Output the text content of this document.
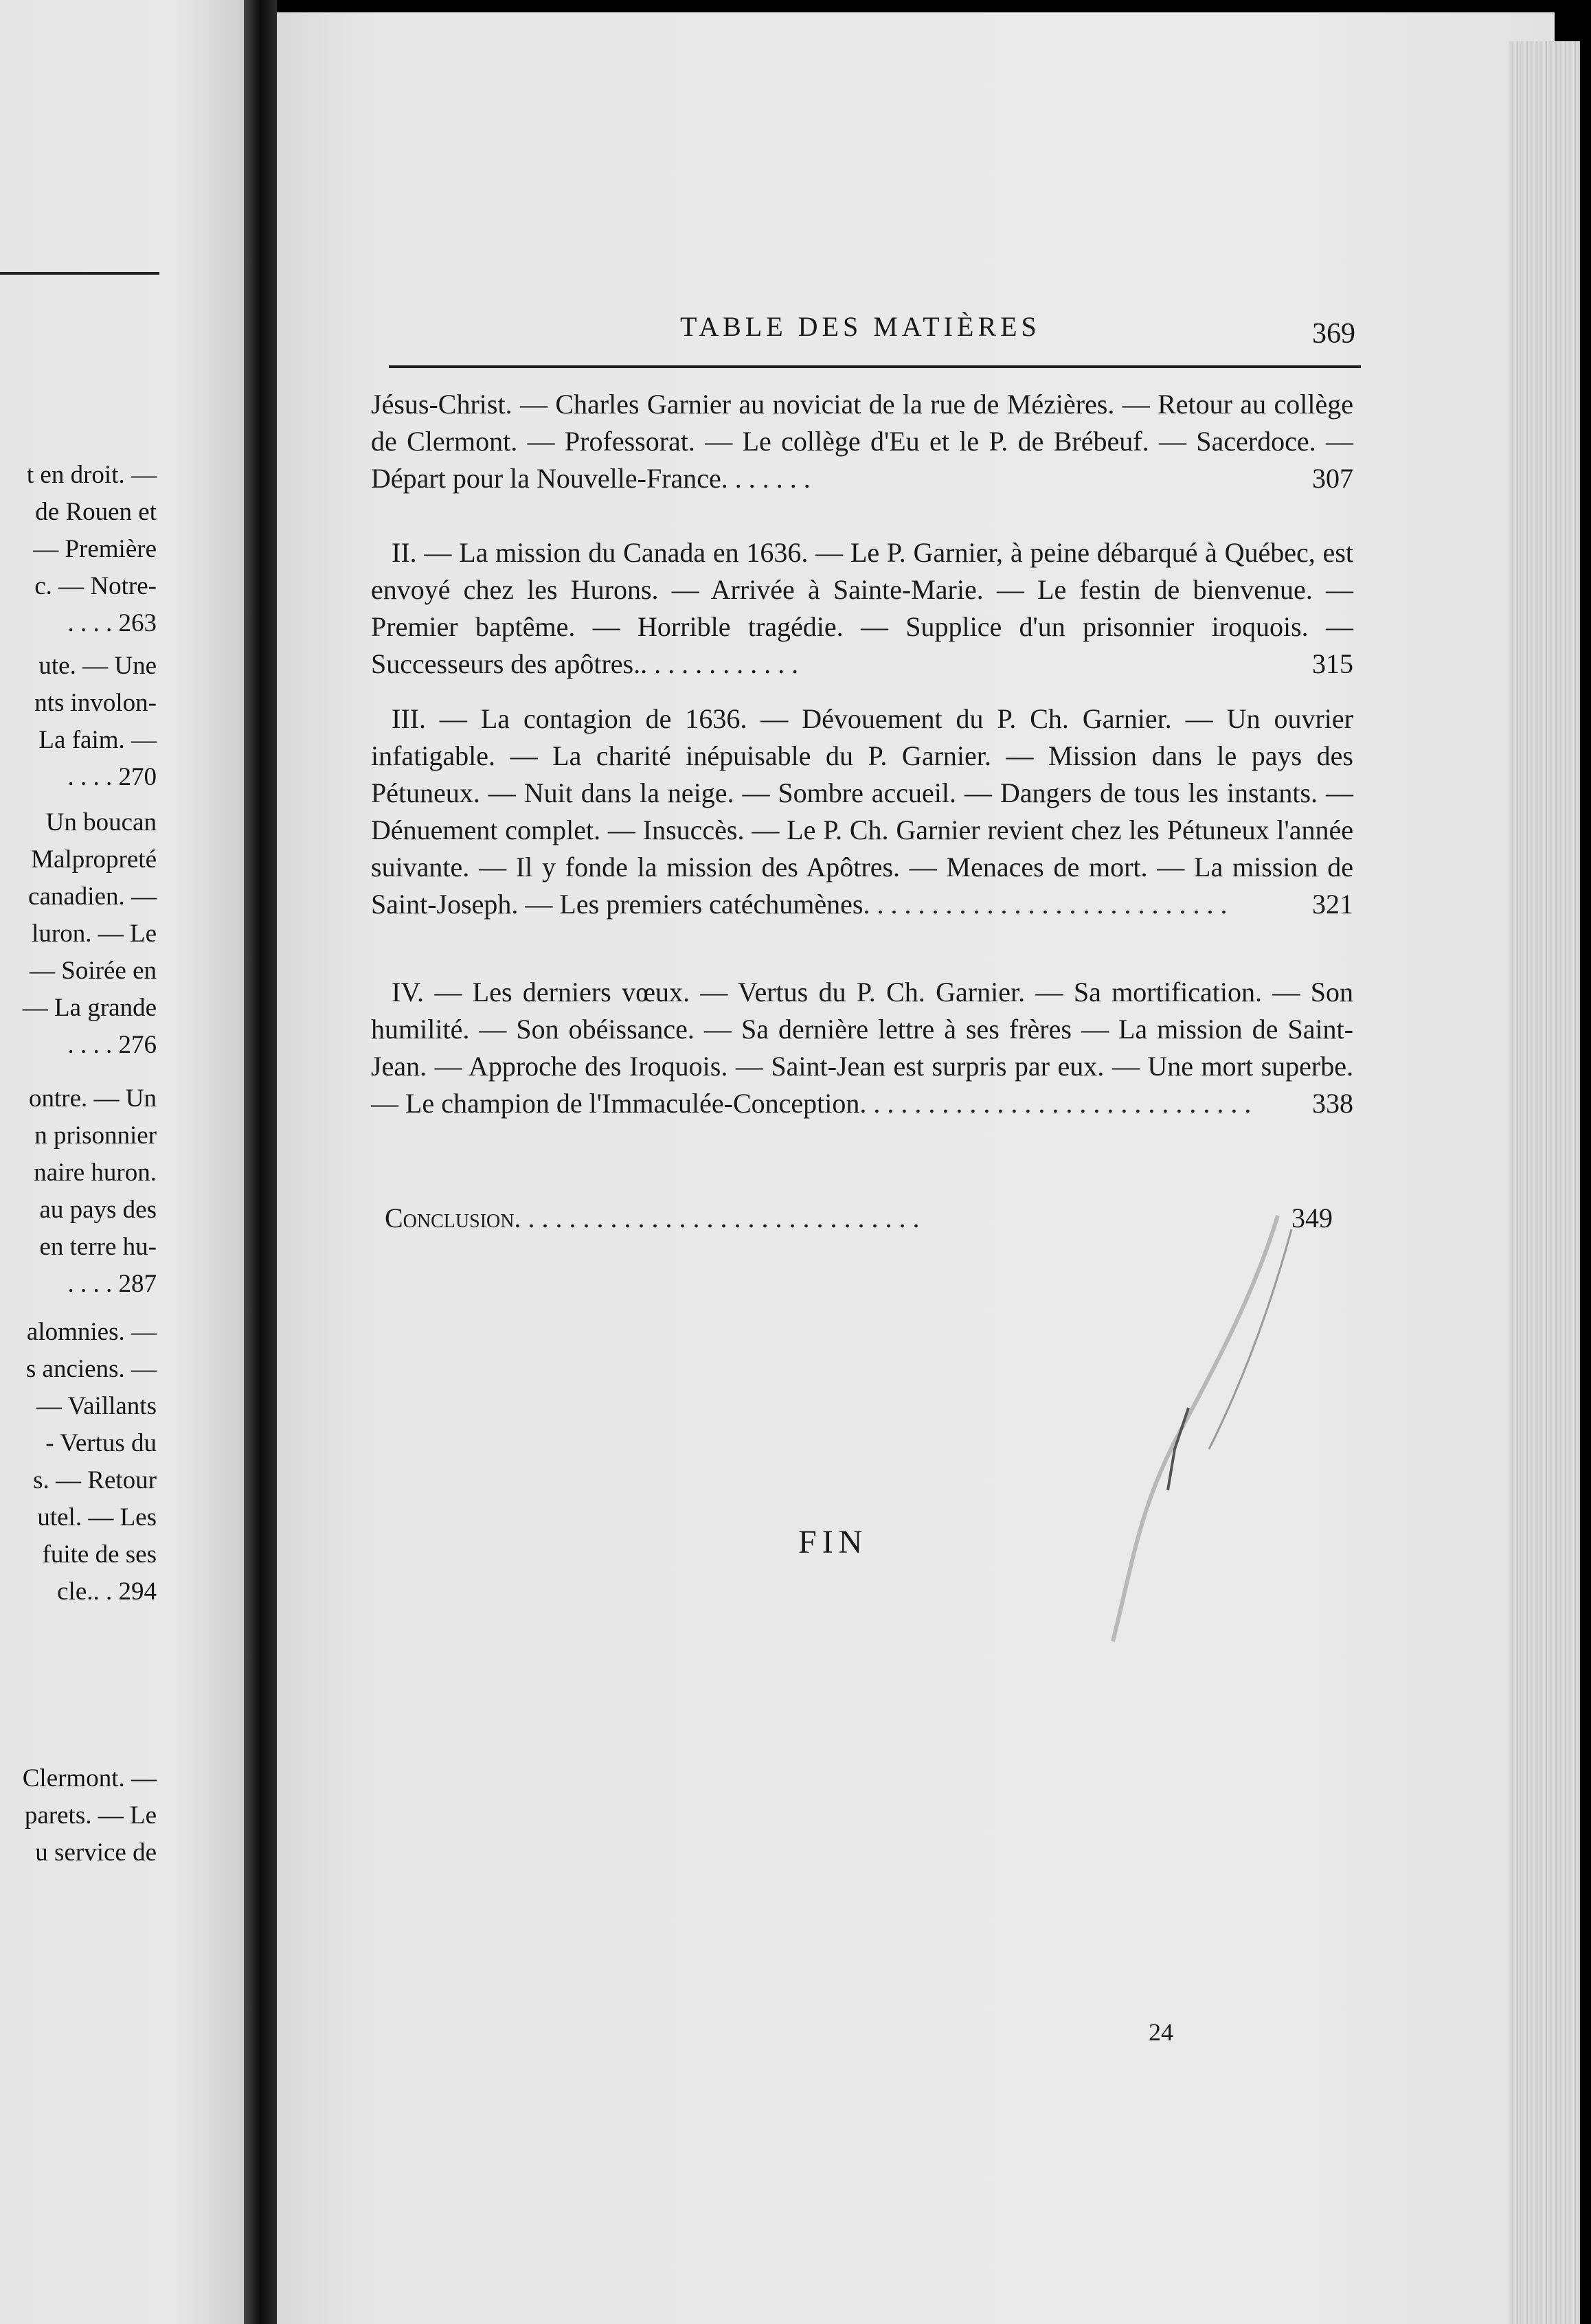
t en droit. —
de Rouen et
— Première
c. — Notre-
. . . . 263
ute. — Une
nts involon-
La faim. —
. . . . 270
Un boucan
Malpropreté
canadien. —
luron. — Le
— Soirée en
— La grande
. . . . 276
ontre. — Un
n prisonnier
naire huron.
au pays des
en terre hu-
. . . . 287
alomnies. —
s anciens. —
— Vaillants
- Vertus du
s. — Retour
utel. — Les
fuite de ses
cle.. . 294
Clermont. —
parets. — Le
u service de
TABLE DES MATIÈRES	369

Jésus-Christ. — Charles Garnier au noviciat de la rue de Mézières. — Retour au collège de Clermont. — Professorat. — Le collège d'Eu et le P. de Brébeuf. — Sacerdoce. — Départ pour la Nouvelle-France. . . . . . .	307

II. — La mission du Canada en 1636. — Le P. Garnier, à peine débarqué à Québec, est envoyé chez les Hurons. — Arrivée à Sainte-Marie. — Le festin de bienvenue. — Premier baptême. — Horrible tragédie. — Supplice d'un prisonnier iroquois. — Successeurs des apôtres.. . . . . . . . . . . .	315

III. — La contagion de 1636. — Dévouement du P. Ch. Garnier. — Un ouvrier infatigable. — La charité inépuisable du P. Garnier. — Mission dans le pays des Pétuneux. — Nuit dans la neige. — Sombre accueil. — Dangers de tous les instants. — Dénuement complet. — Insuccès. — Le P. Ch. Garnier revient chez les Pétuneux l'année suivante. — Il y fonde la mission des Apôtres. — Menaces de mort. — La mission de Saint-Joseph. — Les premiers catéchumènes. . . . . . . . . . . . . . . . . . . . . . . . . . .	321

IV. — Les derniers vœux. — Vertus du P. Ch. Garnier. — Sa mortification. — Son humilité. — Son obéissance. — Sa dernière lettre à ses frères — La mission de Saint-Jean. — Approche des Iroquois. — Saint-Jean est surpris par eux. — Une mort superbe. — Le champion de l'Immaculée-Conception. . . . . . . . . . . . . . . . . . . . . . . . . . . . .	338

Conclusion. . . . . . . . . . . . . . . . . . . . . . . . . . . . . .	349
FIN
24
